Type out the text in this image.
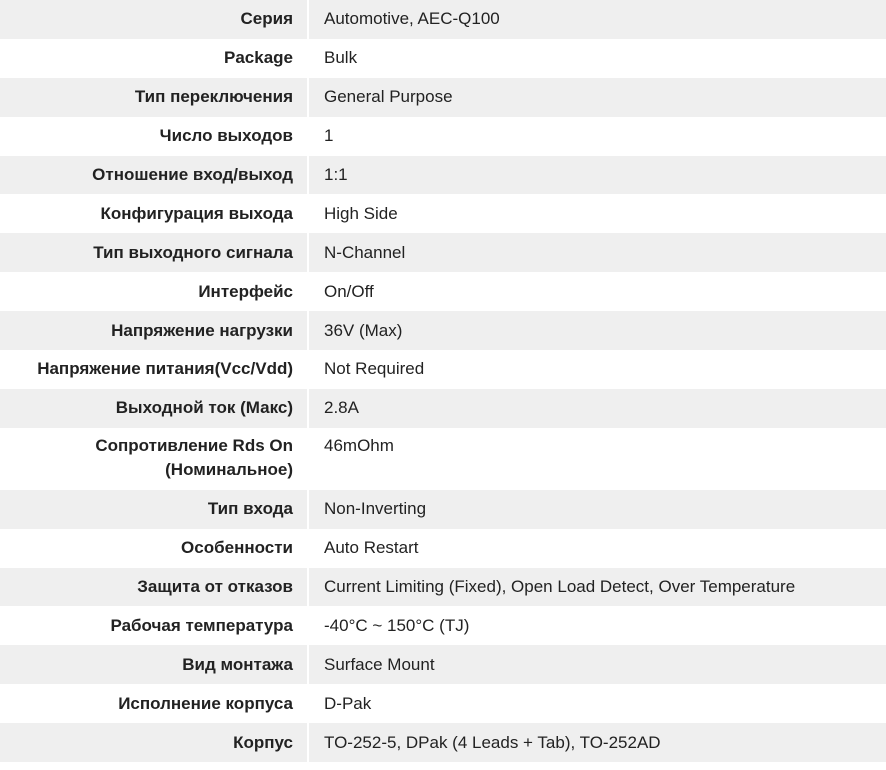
Серия	Automotive, AEC-Q100
Package	Bulk
Тип переключения	General Purpose
Число выходов	1
Отношение вход/выход	1:1
Конфигурация выхода	High Side
Тип выходного сигнала	N-Channel
Интерфейс	On/Off
Напряжение нагрузки	36V (Max)
Напряжение питания(Vcc/Vdd)	Not Required
Выходной ток (Макс)	2.8A
Сопротивление Rds On
(Номинальное)	46mOhm
Тип входа	Non-Inverting
Особенности	Auto Restart
Защита от отказов	Current Limiting (Fixed), Open Load Detect, Over Temperature
Рабочая температура	-40°C ~ 150°C (TJ)
Вид монтажа	Surface Mount
Исполнение корпуса	D-Pak
Корпус	TO-252-5, DPak (4 Leads + Tab), TO-252AD
